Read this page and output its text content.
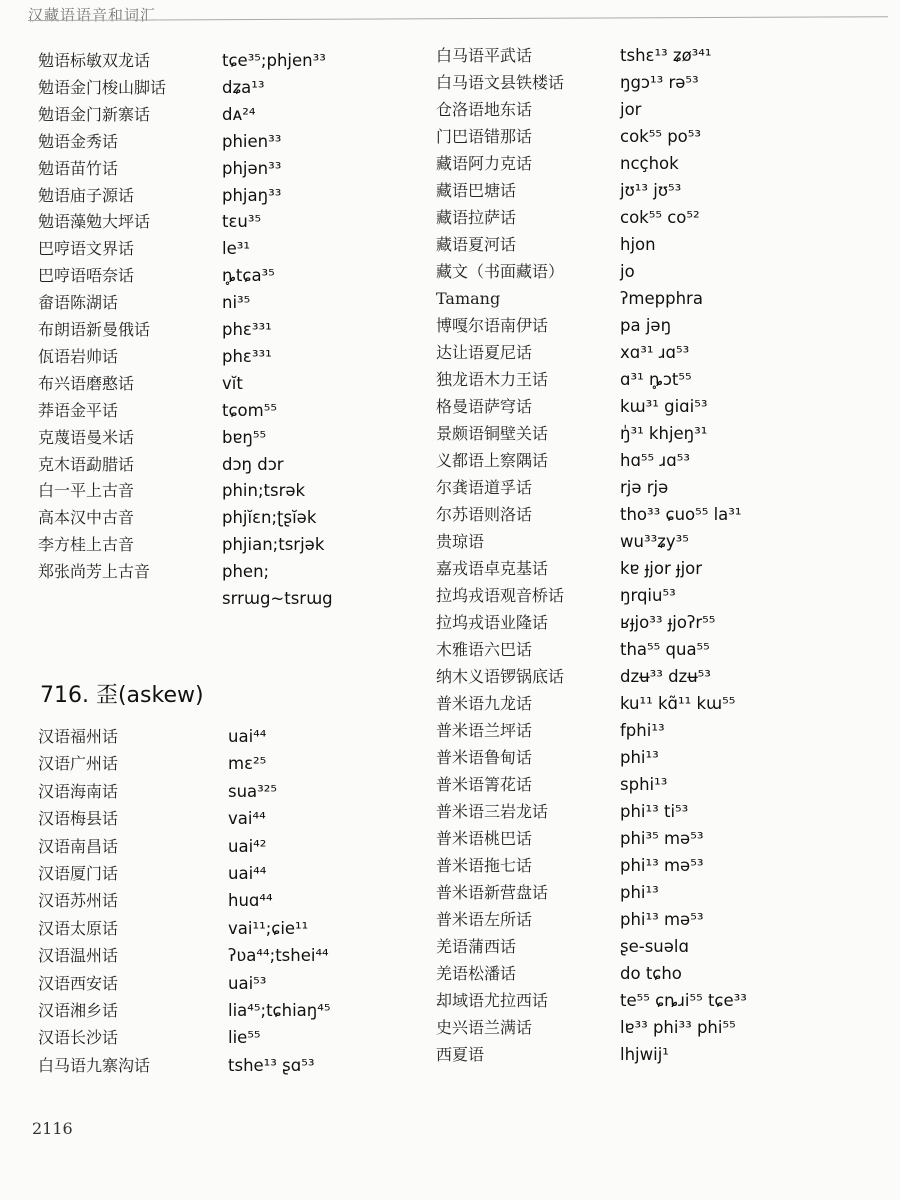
汉藏语语音和词汇
勉语标敏双龙话	tɕe³⁵;phjen³³
勉语金门梭山脚话	dʑa¹³
勉语金门新寨话	dᴀ²⁴
勉语金秀话	phien³³
勉语苗竹话	phjən³³
勉语庙子源话	phjaŋ³³
勉语藻勉大坪话	tɛu³⁵
巴哼语文界话	le³¹
巴哼语唔奈话	ȵ̥tɕa³⁵
畲语陈湖话	ni³⁵
布朗语新曼俄话	phɛ³³¹
佤语岩帅话	phɛ³³¹
布兴语磨憨话	vĭt
莽语金平话	tɕom⁵⁵
克蔑语曼米话	bɐŋ⁵⁵
克木语勐腊话	dɔŋ dɔr
白一平上古音	phin;tsrək
高本汉中古音	phjĭɛn;ʈʂĭək
李方桂上古音	phjian;tsrjək
郑张尚芳上古音	phen;
srrɯg~tsrɯg
716. 歪(askew)
汉语福州话	uai⁴⁴
汉语广州话	mɛ²⁵
汉语海南话	sua³²⁵
汉语梅县话	vai⁴⁴
汉语南昌话	uai⁴²
汉语厦门话	uai⁴⁴
汉语苏州话	huɑ⁴⁴
汉语太原话	vai¹¹;ɕie¹¹
汉语温州话	ʔʋa⁴⁴;tshei⁴⁴
汉语西安话	uai⁵³
汉语湘乡话	lia⁴⁵;tɕhiaŋ⁴⁵
汉语长沙话	lie⁵⁵
白马语九寨沟话	tshe¹³ ʂɑ⁵³
白马语平武话	tshɛ¹³ ʑø³⁴¹
白马语文县铁楼话	ŋgɔ¹³ rə⁵³
仓洛语地东话	jor
门巴语错那话	cok⁵⁵ po⁵³
藏语阿力克话	ncçhok
藏语巴塘话	jʊ¹³ jʊ⁵³
藏语拉萨话	cok⁵⁵ co⁵²
藏语夏河话	hjon
藏文（书面藏语）	jo
Tamang	ʔmepphra
博嘎尔语南伊话	pa jəŋ
达让语夏尼话	xɑ³¹ ɹɑ⁵³
独龙语木力王话	ɑ³¹ ȵ̥ɔt⁵⁵
格曼语萨穹话	kɯ³¹ giɑi⁵³
景颇语铜壁关话	ŋ̍³¹ khjeŋ³¹
义都语上察隅话	hɑ⁵⁵ ɹɑ⁵³
尔龚语道孚话	rjə rjə
尔苏语则洛话	tho³³ ɕuo⁵⁵ la³¹
贵琼语	wu³³ʑy³⁵
嘉戎语卓克基话	kɐ ɟjor ɟjor
拉坞戎语观音桥话	ŋrqiu⁵³
拉坞戎语业隆话	ʁɟjo³³ ɟjoʔr⁵⁵
木雅语六巴话	tha⁵⁵ qua⁵⁵
纳木义语锣锅底话	dzʉ³³ dzʉ⁵³
普米语九龙话	ku¹¹ kɑ̃¹¹ kɯ⁵⁵
普米语兰坪话	fphi¹³
普米语鲁甸话	phi¹³
普米语箐花话	sphi¹³
普米语三岩龙话	phi¹³ ti⁵³
普米语桃巴话	phi³⁵ mə⁵³
普米语拖七话	phi¹³ mə⁵³
普米语新营盘话	phi¹³
普米语左所话	phi¹³ mə⁵³
羌语蒲西话	ʂe-suəlɑ
羌语松潘话	do tɕho
却域语尤拉西话	te⁵⁵ ɕȵɹi⁵⁵ tɕe³³
史兴语兰满话	lɐ³³ phi³³ phi⁵⁵
西夏语	lhjwij¹
2116
